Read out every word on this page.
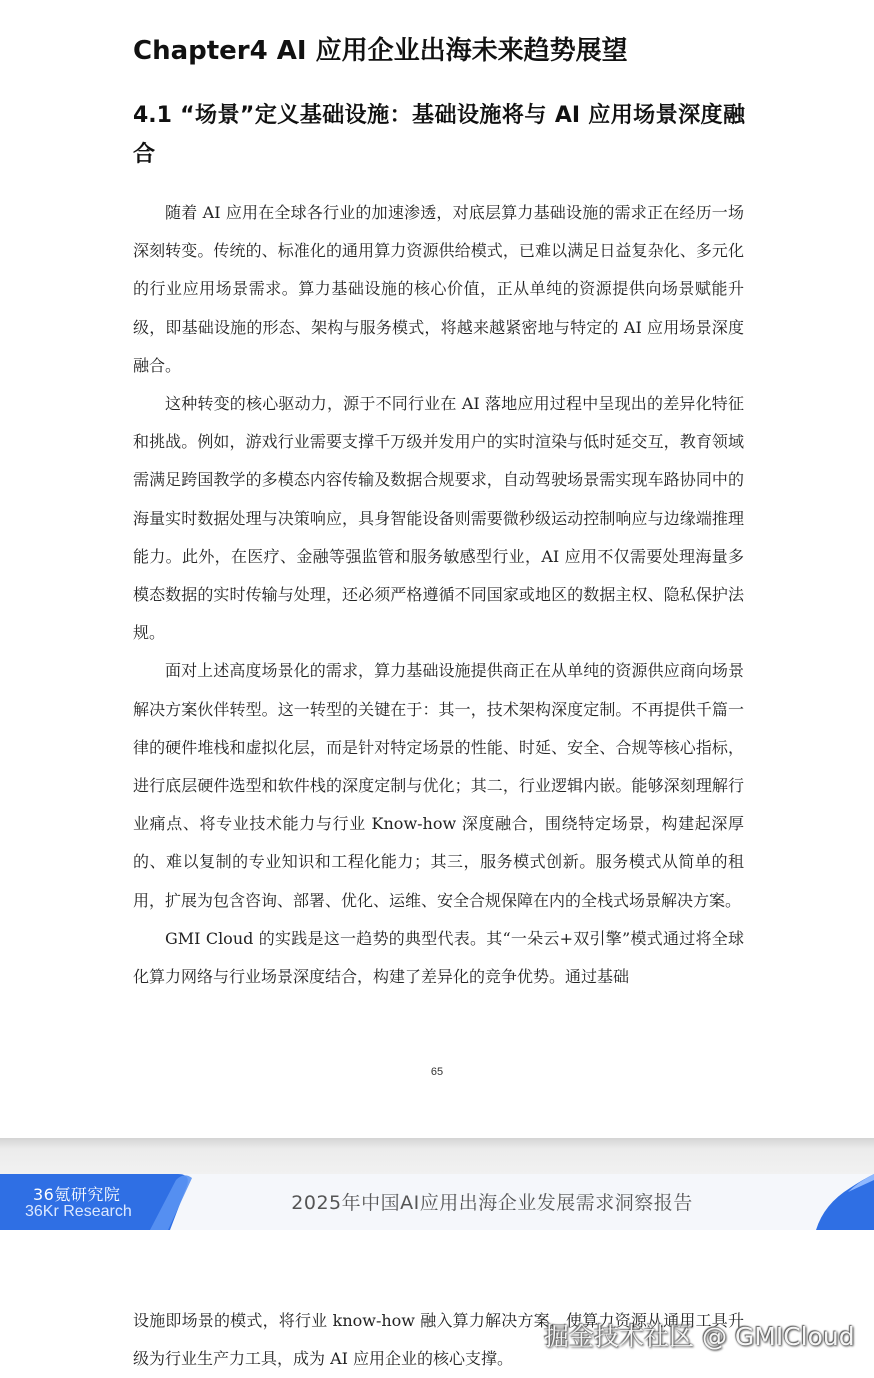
Chapter4 AI 应用企业出海未来趋势展望
4.1 “场景”定义基础设施：基础设施将与 AI 应用场景深度融合

随着 AI 应用在全球各行业的加速渗透，对底层算力基础设施的需求正在经历一场深刻转变。传统的、标准化的通用算力资源供给模式，已难以满足日益复杂化、多元化的行业应用场景需求。算力基础设施的核心价值，正从单纯的资源提供向场景赋能升级，即基础设施的形态、架构与服务模式，将越来越紧密地与特定的 AI 应用场景深度融合。

这种转变的核心驱动力，源于不同行业在 AI 落地应用过程中呈现出的差异化特征和挑战。例如，游戏行业需要支撑千万级并发用户的实时渲染与低时延交互，教育领域需满足跨国教学的多模态内容传输及数据合规要求，自动驾驶场景需实现车路协同中的海量实时数据处理与决策响应，具身智能设备则需要微秒级运动控制响应与边缘端推理能力。此外，在医疗、金融等强监管和服务敏感型行业，AI 应用不仅需要处理海量多模态数据的实时传输与处理，还必须严格遵循不同国家或地区的数据主权、隐私保护法规。

面对上述高度场景化的需求，算力基础设施提供商正在从单纯的资源供应商向场景解决方案伙伴转型。这一转型的关键在于：其一，技术架构深度定制。不再提供千篇一律的硬件堆栈和虚拟化层，而是针对特定场景的性能、时延、安全、合规等核心指标，进行底层硬件选型和软件栈的深度定制与优化；其二，行业逻辑内嵌。能够深刻理解行业痛点、将专业技术能力与行业 Know-how 深度融合，围绕特定场景，构建起深厚的、难以复制的专业知识和工程化能力；其三，服务模式创新。服务模式从简单的租用，扩展为包含咨询、部署、优化、运维、安全合规保障在内的全栈式场景解决方案。

GMI Cloud 的实践是这一趋势的典型代表。其“一朵云+双引擎”模式通过将全球化算力网络与行业场景深度结合，构建了差异化的竞争优势。通过基础

65
36氪研究院
36Kr Research	2025年中国AI应用出海企业发展需求洞察报告

设施即场景的模式，将行业 know-how 融入算力解决方案，使算力资源从通用工具升级为行业生产力工具，成为 AI 应用企业的核心支撑。

掘金技术社区 @ GMICloud
